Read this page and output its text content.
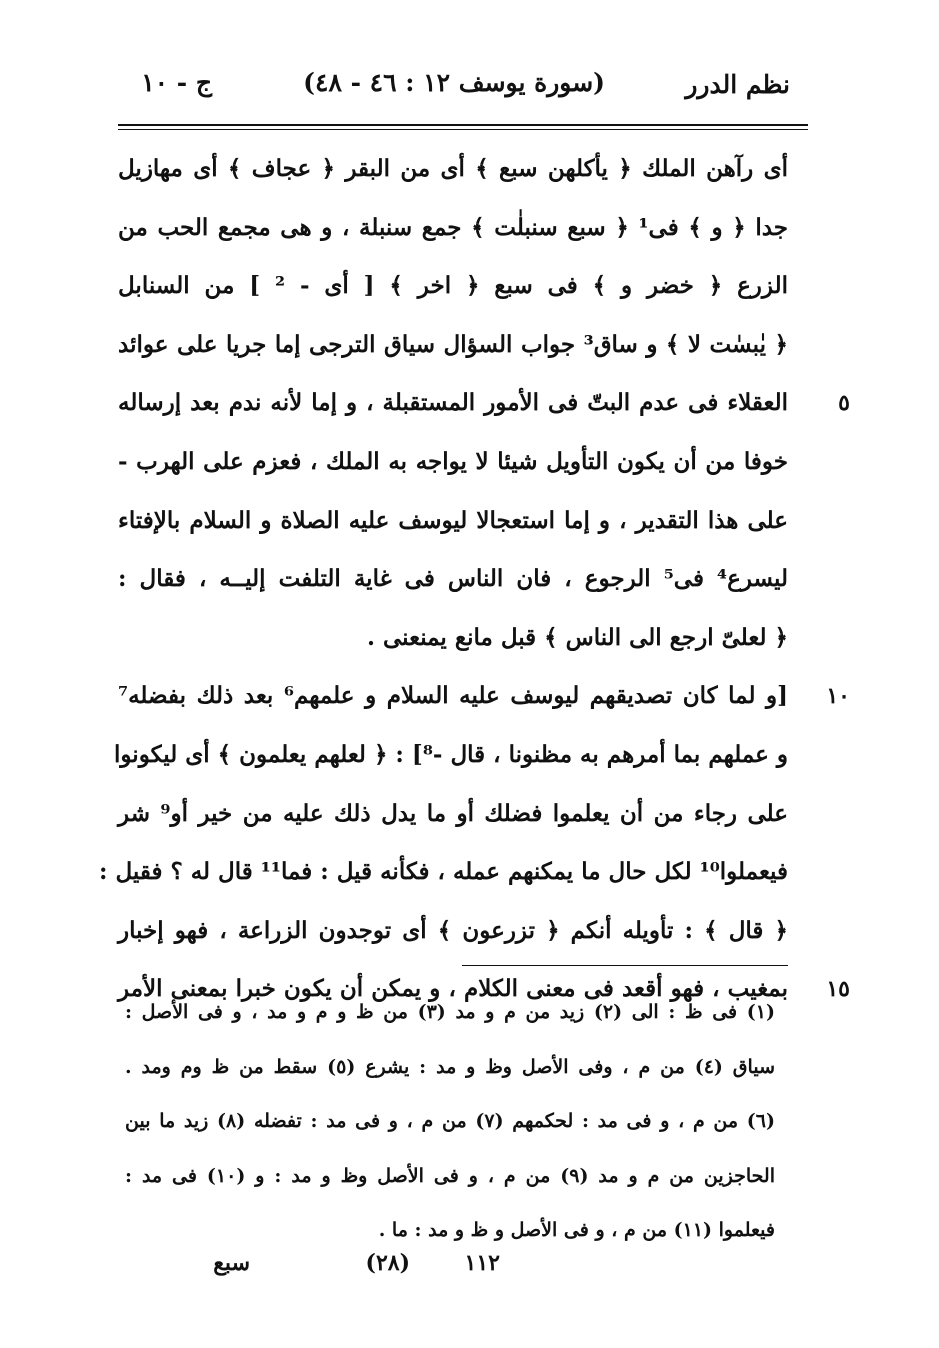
نظم الدرر
(سورة يوسف ١٢ : ٤٦ - ٤٨)
ج - ١٠
أى رآهن الملك ﴿ يأكلهن سبع ﴾ أى من البقر ﴿ عجاف ﴾ أى مهازيل
جدا ﴿ و ﴾ فى¹ ﴿ سبع سنبلٰت ﴾ جمع سنبلة ، و هى مجمع الحب من
الزرع ﴿ خضر و ﴾ فى سبع ﴿ اخر ﴾ [ أى - ² ] من السنابل
﴿ يٰبسٰت لا ﴾ و ساق³ جواب السؤال سياق الترجى إما جريا على عوائد
العقلاء فى عدم البتّ فى الأمور المستقبلة ، و إما لأنه ندم بعد إرساله	٥
خوفا من أن يكون التأويل شيئا لا يواجه به الملك ، فعزم على الهرب -
على هذا التقدير ، و إما استعجالا ليوسف عليه الصلاة و السلام بالإفتاء
ليسرع⁴ فى⁵ الرجوع ، فان الناس فى غاية التلفت إليــه ، فقال :
﴿ لعلىّ ارجع الى الناس ﴾ قبل مانع يمنعنى .
[و لما كان تصديقهم ليوسف عليه السلام و علمهم⁶ بعد ذلك بفضله⁷	١٠
و عملهم بما أمرهم به مظنونا ، قال -⁸] : ﴿ لعلهم يعلمون ﴾ أى ليكونوا
على رجاء من أن يعلموا فضلك أو ما يدل ذلك عليه من خير أو⁹ شر
فيعملوا¹⁰ لكل حال ما يمكنهم عمله ، فكأنه قيل : فما¹¹ قال له ؟ فقيل :
﴿ قال ﴾ : تأويله أنكم ﴿ تزرعون ﴾ أى توجدون الزراعة ، فهو إخبار
بمغيب ، فهو أقعد فى معنى الكلام ، و يمكن أن يكون خبرا بمعنى الأمر	١٥
(١) فى ظ : الى (٢) زيد من م و مد (٣) من ظ و م و مد ، و فى الأصل :
سياق (٤) من م ، وفى الأصل وظ و مد : يشرع (٥) سقط من ظ وم ومد .
(٦) من م ، و فى مد : لحكمهم (٧) من م ، و فى مد : تفضله (٨) زيد ما بين
الحاجزين من م و مد (٩) من م ، و فى الأصل وظ و مد : و (١٠) فى مد :
فيعلموا (١١) من م ، و فى الأصل و ظ و مد : ما .
١١٢
(٢٨)
سبع
